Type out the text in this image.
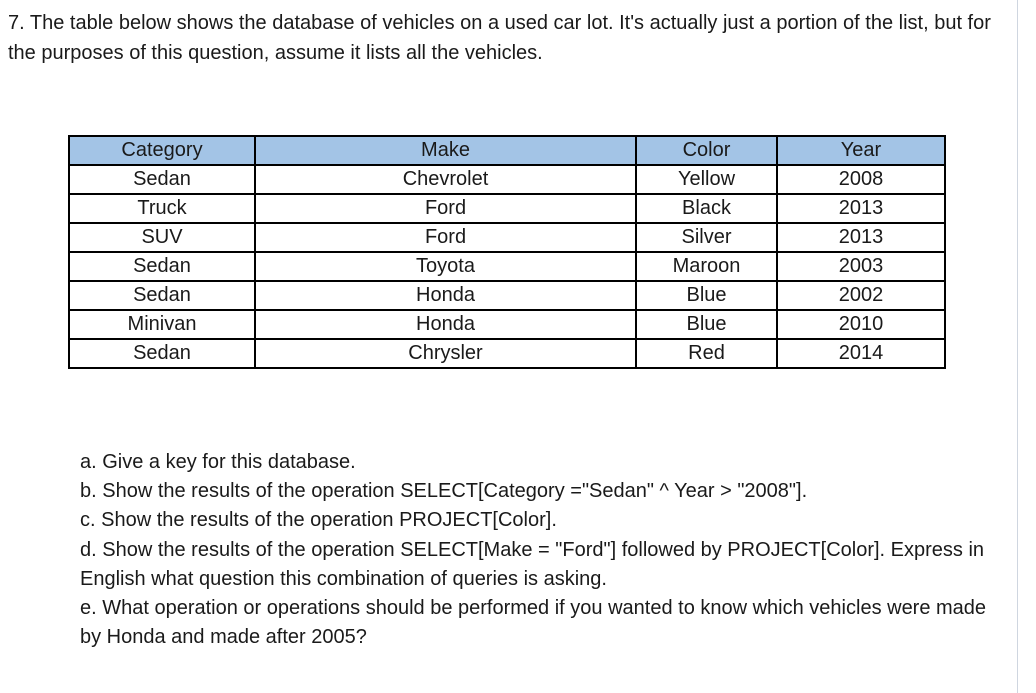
7. The table below shows the database of vehicles on a used car lot. It's actually just a portion of the list, but for the purposes of this question, assume it lists all the vehicles.

Category	Make	Color	Year
Sedan	Chevrolet	Yellow	2008
Truck	Ford	Black	2013
SUV	Ford	Silver	2013
Sedan	Toyota	Maroon	2003
Sedan	Honda	Blue	2002
Minivan	Honda	Blue	2010
Sedan	Chrysler	Red	2014

a. Give a key for this database.

b. Show the results of the operation SELECT[Category ="Sedan" ^ Year > "2008"].

c. Show the results of the operation PROJECT[Color].

d. Show the results of the operation SELECT[Make = "Ford"] followed by PROJECT[Color]. Express in English what question this combination of queries is asking.

e. What operation or operations should be performed if you wanted to know which vehicles were made by Honda and made after 2005?
